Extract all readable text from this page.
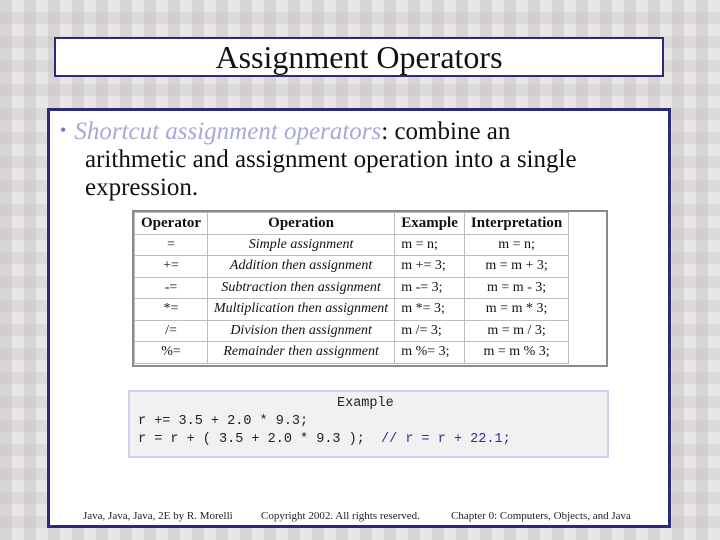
Assignment Operators
• Shortcut assignment operators: combine an
arithmetic and assignment operation into a single
expression.
Operator	Operation	Example	Interpretation
=	Simple assignment	m = n;	m = n;
+=	Addition then assignment	m += 3;	m = m + 3;
-=	Subtraction then assignment	m -= 3;	m = m - 3;
*=	Multiplication then assignment	m *= 3;	m = m * 3;
/=	Division then assignment	m /= 3;	m = m / 3;
%=	Remainder then assignment	m %= 3;	m = m % 3;
Example
r += 3.5 + 2.0 * 9.3;
r = r + ( 3.5 + 2.0 * 9.3 ); // r = r + 22.1;
Java, Java, Java, 2E by R. Morelli	Copyright 2002. All rights reserved.	Chapter 0: Computers, Objects, and Java
